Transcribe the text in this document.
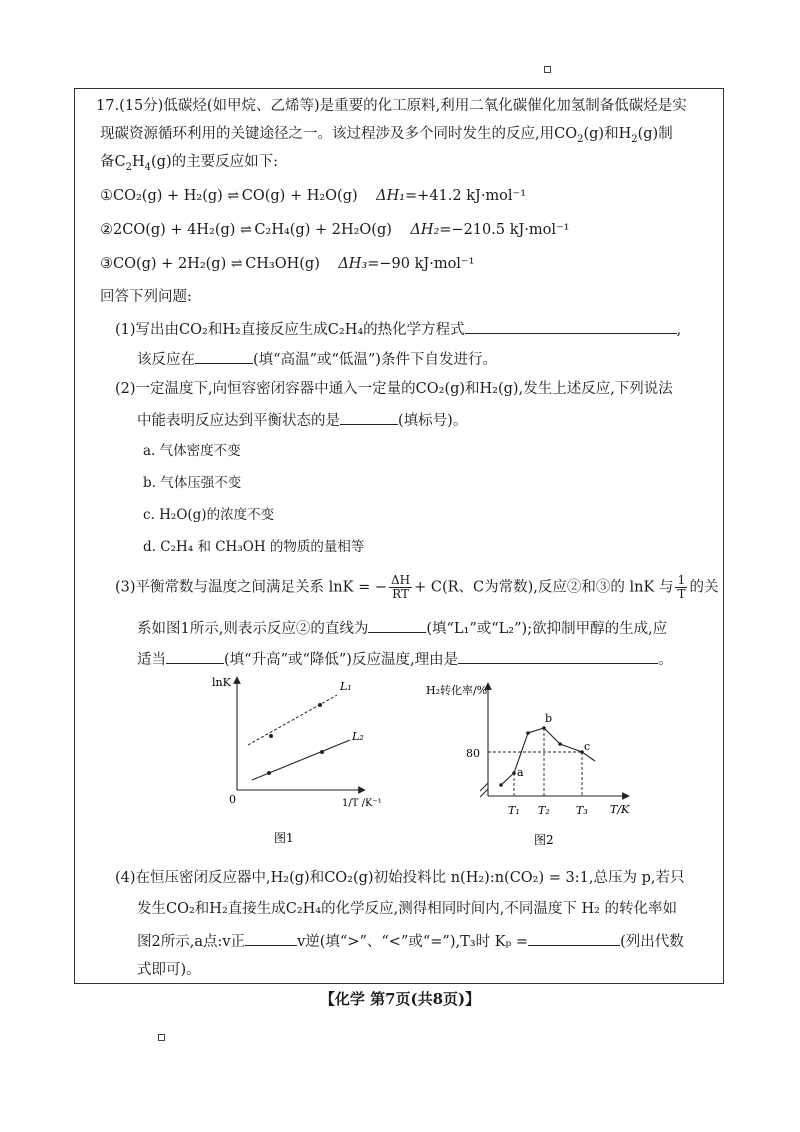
17.(15分)低碳烃(如甲烷、乙烯等)是重要的化工原料,利用二氧化碳催化加氢制备低碳烃是实
现碳资源循环利用的关键途径之一。该过程涉及多个同时发生的反应,用$CO_2(g)$和$H_2(g)$制
备$C_2H_4(g)$的主要反应如下:
①CO₂(g) + H₂(g) ⇌ CO(g) + H₂O(g) ΔH₁=+41.2 kJ·mol⁻¹
②2CO(g) + 4H₂(g) ⇌ C₂H₄(g) + 2H₂O(g) ΔH₂=−210.5 kJ·mol⁻¹
③CO(g) + 2H₂(g) ⇌ CH₃OH(g) ΔH₃=−90 kJ·mol⁻¹
回答下列问题:
(1)写出由CO₂和H₂直接反应生成C₂H₄的热化学方程式	,
该反应在	(填“高温”或“低温”)条件下自发进行。
(2)一定温度下,向恒容密闭容器中通入一定量的CO₂(g)和H₂(g),发生上述反应,下列说法
中能表明反应达到平衡状态的是	(填标号)。
a. 气体密度不变
b. 气体压强不变
c. H₂O(g)的浓度不变
d. C₂H₄ 和 CH₃OH 的物质的量相等
(3)平衡常数与温度之间满足关系 lnK = − $\frac{\Delta H}{RT} + C(R$、C为常数),反应②和③的 lnK 与 $\frac{1}{T}$ 的关
系如图1所示,则表示反应②的直线为	(填“L₁”或“L₂”);欲抑制甲醇的生成,应
适当	(填“升高”或“降低”)反应温度,理由是	。
lnK
0
L₁
L₂
1/T /K⁻¹
图1
H₂转化率/%
80
T₁ T₂ T₃ T/K
a
b
c
图2
(4)在恒压密闭反应器中,H₂(g)和CO₂(g)初始投料比 n(H₂):n(CO₂) = 3:1,总压为 p,若只
发生CO₂和H₂直接生成C₂H₄的化学反应,测得相同时间内,不同温度下 H₂ 的转化率如
图2所示,a点:v正	v逆(填“>”、“<”或“=”),T₃时 Kₚ =	(列出代数
式即可)。
【化学 第7页(共8页)】
